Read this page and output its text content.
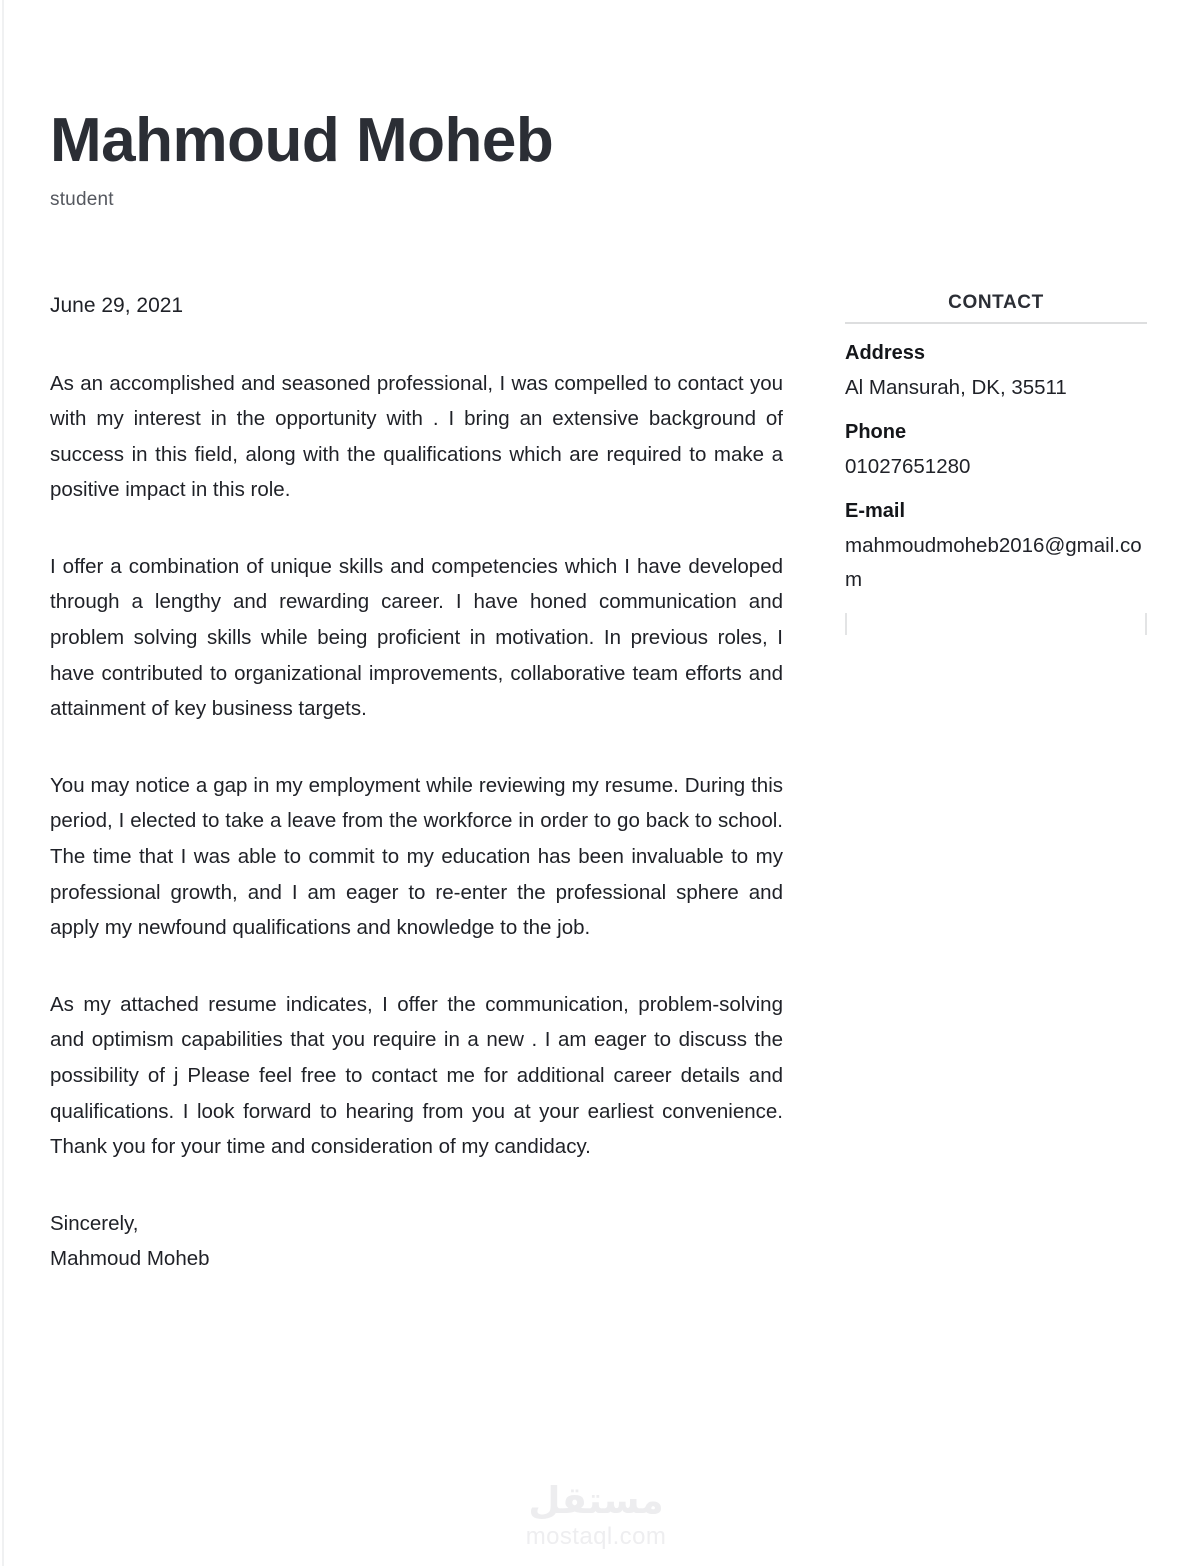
Mahmoud Moheb

student

June 29, 2021

As an accomplished and seasoned professional, I was compelled to contact you with my interest in the opportunity with . I bring an extensive background of success in this field, along with the qualifications which are required to make a positive impact in this role.

I offer a combination of unique skills and competencies which I have developed through a lengthy and rewarding career. I have honed communication and problem solving skills while being proficient in motivation. In previous roles, I have contributed to organizational improvements, collaborative team efforts and attainment of key business targets.

You may notice a gap in my employment while reviewing my resume. During this period, I elected to take a leave from the workforce in order to go back to school. The time that I was able to commit to my education has been invaluable to my professional growth, and I am eager to re-enter the professional sphere and apply my newfound qualifications and knowledge to the job.

As my attached resume indicates, I offer the communication, problem-solving and optimism capabilities that you require in a new . I am eager to discuss the possibility of j Please feel free to contact me for additional career details and qualifications. I look forward to hearing from you at your earliest convenience. Thank you for your time and consideration of my candidacy.

Sincerely,

Mahmoud Moheb

CONTACT

Address

Al Mansurah, DK, 35511

Phone

01027651280

E-mail

mahmoudmoheb2016@gmail.com

مستقل

mostaql.com
